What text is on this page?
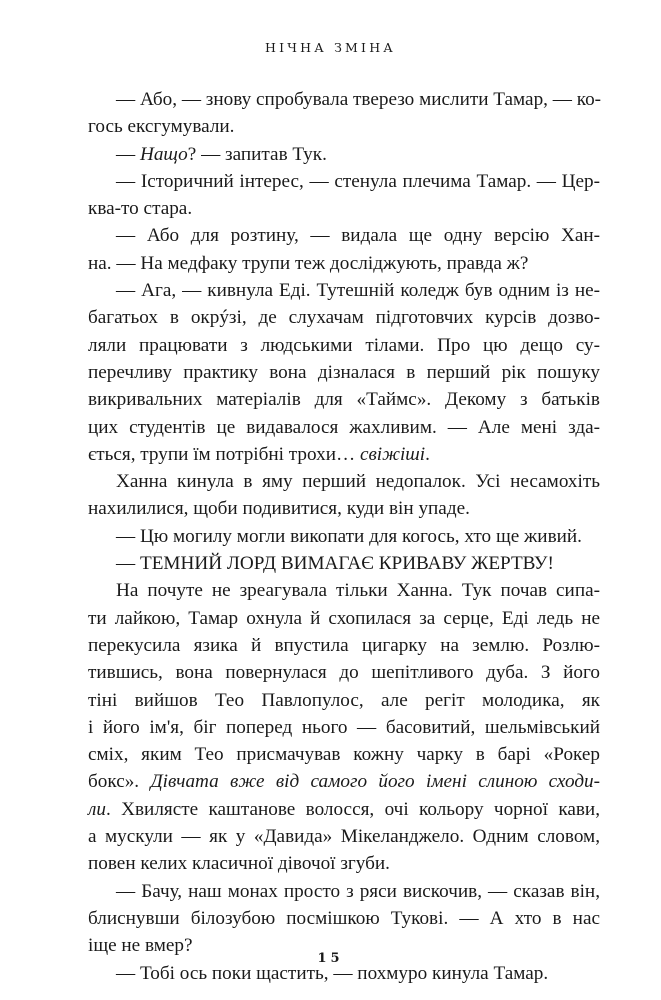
НІЧНА ЗМІНА
— Або, — знову спробувала тверезо мислити Тамар, — ко-
гось ексгумували.
— Нащо? — запитав Тук.
— Історичний інтерес, — стенула плечима Тамар. — Цер-
ква-то стара.
— Або для розтину, — видала ще одну версію Хан-
на. — На медфаку трупи теж досліджують, правда ж?
— Ага, — кивнула Еді. Тутешній коледж був одним із не-
багатьох в окрýзі, де слухачам підготовчих курсів дозво-
ляли працювати з людськими тілами. Про цю дещо су-
перечливу практику вона дізналася в перший рік пошуку
викривальних матеріалів для «Таймс». Декому з батьків
цих студентів це видавалося жахливим. — Але мені зда-
ється, трупи їм потрібні трохи… свіжіші.
Ханна кинула в яму перший недопалок. Усі несамохіть
нахилилися, щоби подивитися, куди він упаде.
— Цю могилу могли викопати для когось, хто ще живий.
— ТЕМНИЙ ЛОРД ВИМАГАЄ КРИВАВУ ЖЕРТВУ!
На почуте не зреагувала тільки Ханна. Тук почав сипа-
ти лайкою, Тамар охнула й схопилася за серце, Еді ледь не
перекусила язика й впустила цигарку на землю. Розлю-
тившись, вона повернулася до шепітливого дуба. З його
тіні вийшов Тео Павлопулос, але регіт молодика, як
і його ім'я, біг поперед нього — басовитий, шельмівський
сміх, яким Тео присмачував кожну чарку в барі «Рокер
бокс». Дівчата вже від самого його імені слиною сходи-
ли. Хвилясте каштанове волосся, очі кольору чорної кави,
а мускули — як у «Давида» Мікеланджело. Одним словом,
повен келих класичної дівочої згуби.
— Бачу, наш монах просто з ряси вискочив, — сказав він,
блиснувши білозубою посмішкою Тукові. — А хто в нас
іще не вмер?
— Тобі ось поки щастить, — похмуро кинула Тамар.
15
